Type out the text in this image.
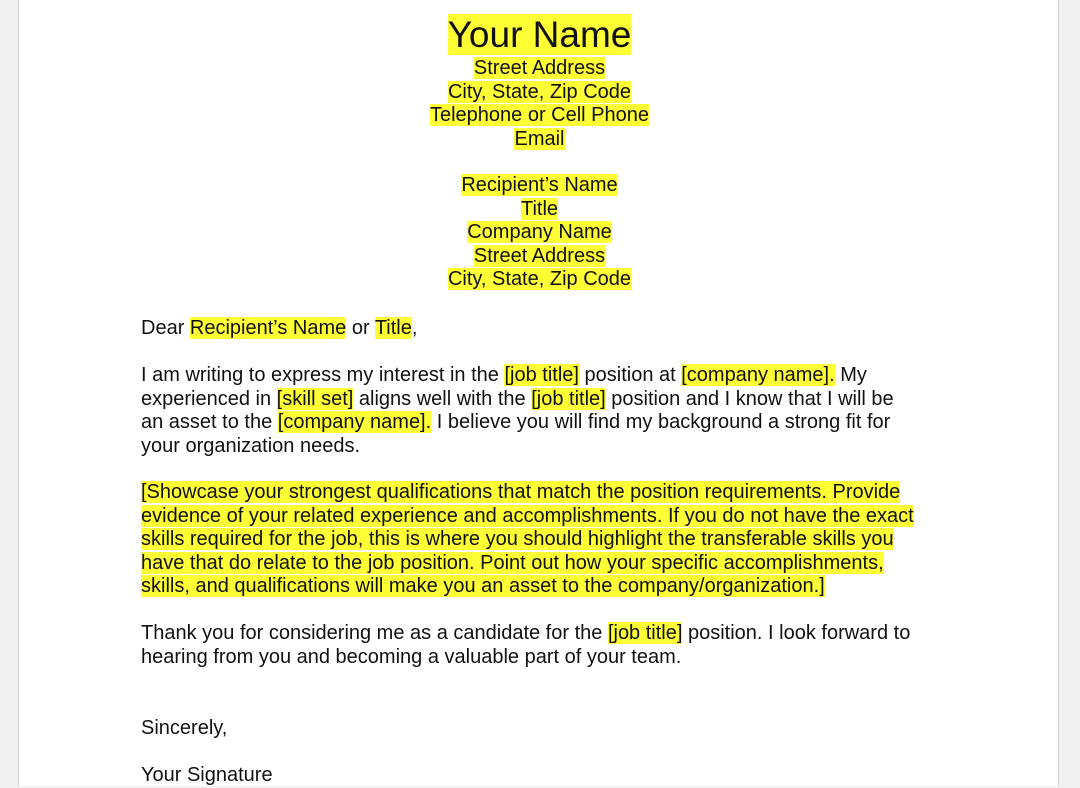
Your Name
Street Address
City, State, Zip Code
Telephone or Cell Phone
Email
Recipient’s Name
Title
Company Name
Street Address
City, State, Zip Code
Dear Recipient’s Name or Title,
I am writing to express my interest in the [job title] position at [company name]. My
experienced in [skill set] aligns well with the [job title] position and I know that I will be
an asset to the [company name]. I believe you will find my background a strong fit for
your organization needs.
[Showcase your strongest qualifications that match the position requirements. Provide
evidence of your related experience and accomplishments. If you do not have the exact
skills required for the job, this is where you should highlight the transferable skills you
have that do relate to the job position. Point out how your specific accomplishments,
skills, and qualifications will make you an asset to the company/organization.]
Thank you for considering me as a candidate for the [job title] position. I look forward to
hearing from you and becoming a valuable part of your team.
Sincerely,
Your Signature
